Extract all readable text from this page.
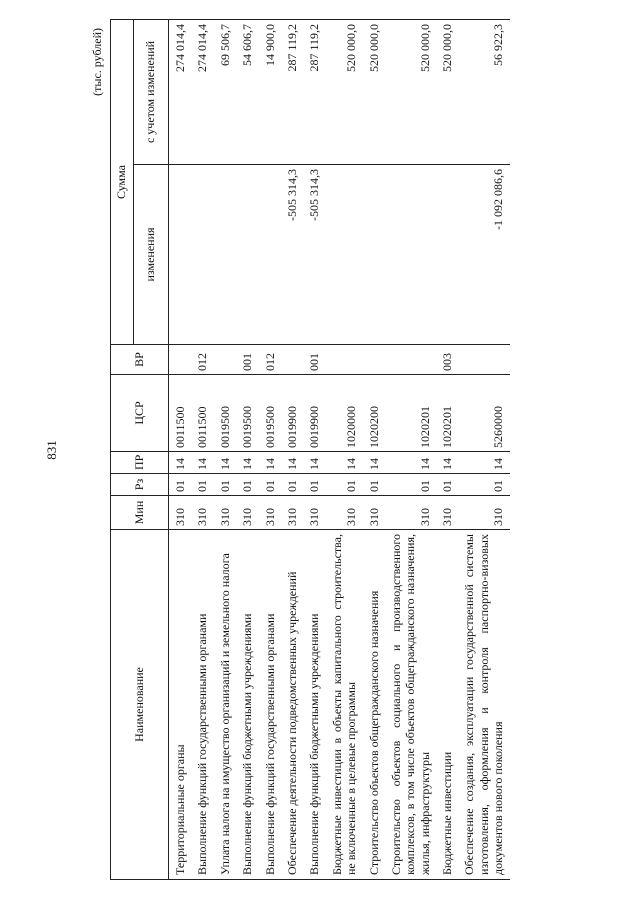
831
(тыс. рублей)
Наименование	Мин	Рз	ПР	ЦСР	ВР	Сумма	
						изменения	с учетом изменений
Территориальные органы	310	01	14	0011500			274 014,4
Выполнение функций государственными органами	310	01	14	0011500	012		274 014,4
Уплата налога на имущество организаций и земельного налога	310	01	14	0019500			69 506,7
Выполнение функций бюджетными учреждениями	310	01	14	0019500	001		54 606,7
Выполнение функций государственными органами	310	01	14	0019500	012		14 900,0
Обеспечение деятельности подведомственных учреждений	310	01	14	0019900		-505 314,3	287 119,2
Выполнение функций бюджетными учреждениями	310	01	14	0019900	001	-505 314,3	287 119,2
Бюджетные инвестиции в объекты капитального строительства, не включенные в целевые программы	310	01	14	1020000			520 000,0
Строительство объектов общегражданского назначения	310	01	14	1020200			520 000,0
Строительство объектов социального и производственного комплексов, в том числе объектов общегражданского назначения, жилья, инфраструктуры	310	01	14	1020201			520 000,0
Бюджетные инвестиции	310	01	14	1020201	003		520 000,0
Обеспечение создания, эксплуатации государственной системы изготовления, оформления и контроля паспортно-визовых документов нового поколения	310	01	14	5260000		-1 092 086,6	56 922,3
